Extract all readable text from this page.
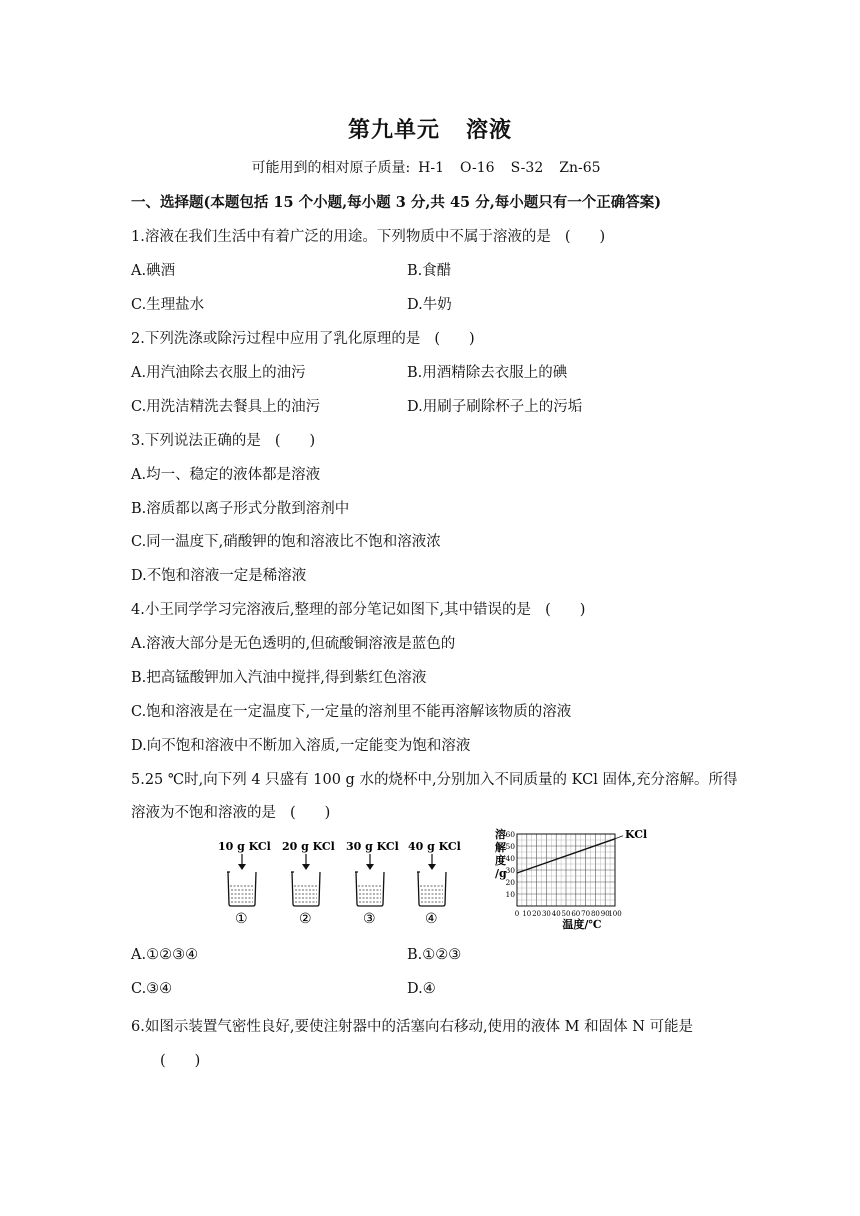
第九单元 溶液
可能用到的相对原子质量: H-1 O-16 S-32 Zn-65
一、选择题(本题包括 15 个小题,每小题 3 分,共 45 分,每小题只有一个正确答案)
1.溶液在我们生活中有着广泛的用途。下列物质中不属于溶液的是 (　　)
A.碘酒	B.食醋
C.生理盐水	D.牛奶
2.下列洗涤或除污过程中应用了乳化原理的是 (　　)
A.用汽油除去衣服上的油污	B.用酒精除去衣服上的碘
C.用洗洁精洗去餐具上的油污	D.用刷子刷除杯子上的污垢
3.下列说法正确的是 (　　)
A.均一、稳定的液体都是溶液
B.溶质都以离子形式分散到溶剂中
C.同一温度下,硝酸钾的饱和溶液比不饱和溶液浓
D.不饱和溶液一定是稀溶液
4.小王同学学习完溶液后,整理的部分笔记如图下,其中错误的是 (　　)
A.溶液大部分是无色透明的,但硫酸铜溶液是蓝色的
B.把高锰酸钾加入汽油中搅拌,得到紫红色溶液
C.饱和溶液是在一定温度下,一定量的溶剂里不能再溶解该物质的溶液
D.向不饱和溶液中不断加入溶质,一定能变为饱和溶液
5.25 ℃时,向下列 4 只盛有 100 g 水的烧杯中,分别加入不同质量的 KCl 固体,充分溶解。所得
溶液为不饱和溶液的是 (　　)
10 g KCl
①
20 g KCl
②
30 g KCl
③
40 g KCl
④
10
20
30
40
50
60
0 10 20 30 40 50 60 70 80 90
100
溶
解
度
/g
温度/℃
KCl
A.①②③④	B.①②③
C.③④	D.④
6.如图示装置气密性良好,要使注射器中的活塞向右移动,使用的液体 M 和固体 N 可能是
(　　)
